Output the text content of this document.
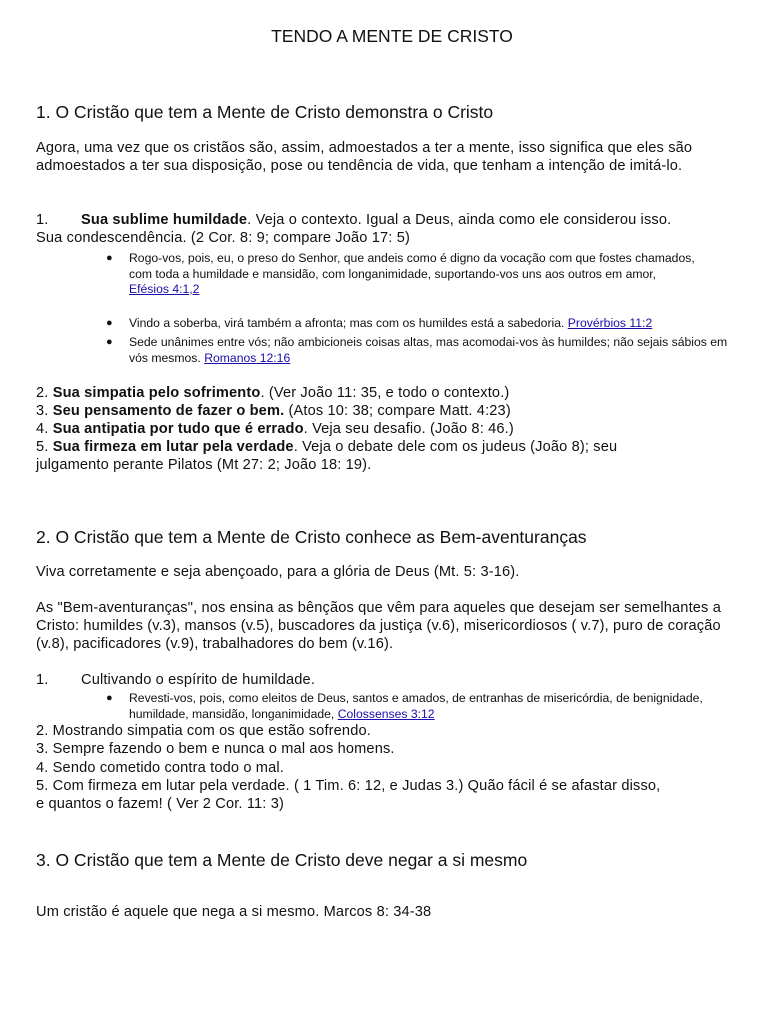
TENDO A MENTE DE CRISTO
1. O Cristão que tem a Mente de Cristo demonstra o Cristo
Agora, uma vez que os cristãos são, assim, admoestados a ter a mente, isso significa que eles são admoestados a ter sua disposição, pose ou tendência de vida, que tenham a intenção de imitá-lo.
1. Sua sublime humildade. Veja o contexto. Igual a Deus, ainda como ele considerou isso.
Sua condescendência. (2 Cor. 8: 9; compare João 17: 5)
● Rogo-vos, pois, eu, o preso do Senhor, que andeis como é digno da vocação com que fostes chamados,
com toda a humildade e mansidão, com longanimidade, suportando-vos uns aos outros em amor,
Efésios 4:1,2
● Vindo a soberba, virá também a afronta; mas com os humildes está a sabedoria. Provérbios 11:2
● Sede unânimes entre vós; não ambicioneis coisas altas, mas acomodai-vos às humildes; não sejais sábios em vós mesmos. Romanos 12:16
2. Sua simpatia pelo sofrimento. (Ver João 11: 35, e todo o contexto.)
3. Seu pensamento de fazer o bem. (Atos 10: 38; compare Matt. 4:23)
4. Sua antipatia por tudo que é errado. Veja seu desafio. (João 8: 46.)
5. Sua firmeza em lutar pela verdade. Veja o debate dele com os judeus (João 8); seu
julgamento perante Pilatos (Mt 27: 2; João 18: 19).
2. O Cristão que tem a Mente de Cristo conhece as Bem-aventuranças
Viva corretamente e seja abençoado, para a glória de Deus (Mt. 5: 3-16).
As "Bem-aventuranças", nos ensina as bênçãos que vêm para aqueles que desejam ser semelhantes a Cristo: humildes (v.3), mansos (v.5), buscadores da justiça (v.6), misericordiosos ( v.7), puro de coração (v.8), pacificadores (v.9), trabalhadores do bem (v.16).
1. Cultivando o espírito de humildade.
● Revesti-vos, pois, como eleitos de Deus, santos e amados, de entranhas de misericórdia, de benignidade, humildade, mansidão, longanimidade, Colossenses 3:12
2. Mostrando simpatia com os que estão sofrendo.
3. Sempre fazendo o bem e nunca o mal aos homens.
4. Sendo cometido contra todo o mal.
5. Com firmeza em lutar pela verdade. ( 1 Tim. 6: 12, e Judas 3.) Quão fácil é se afastar disso,
e quantos o fazem! ( Ver 2 Cor. 11: 3)
3. O Cristão que tem a Mente de Cristo deve negar a si mesmo
Um cristão é aquele que nega a si mesmo. Marcos 8: 34-38
